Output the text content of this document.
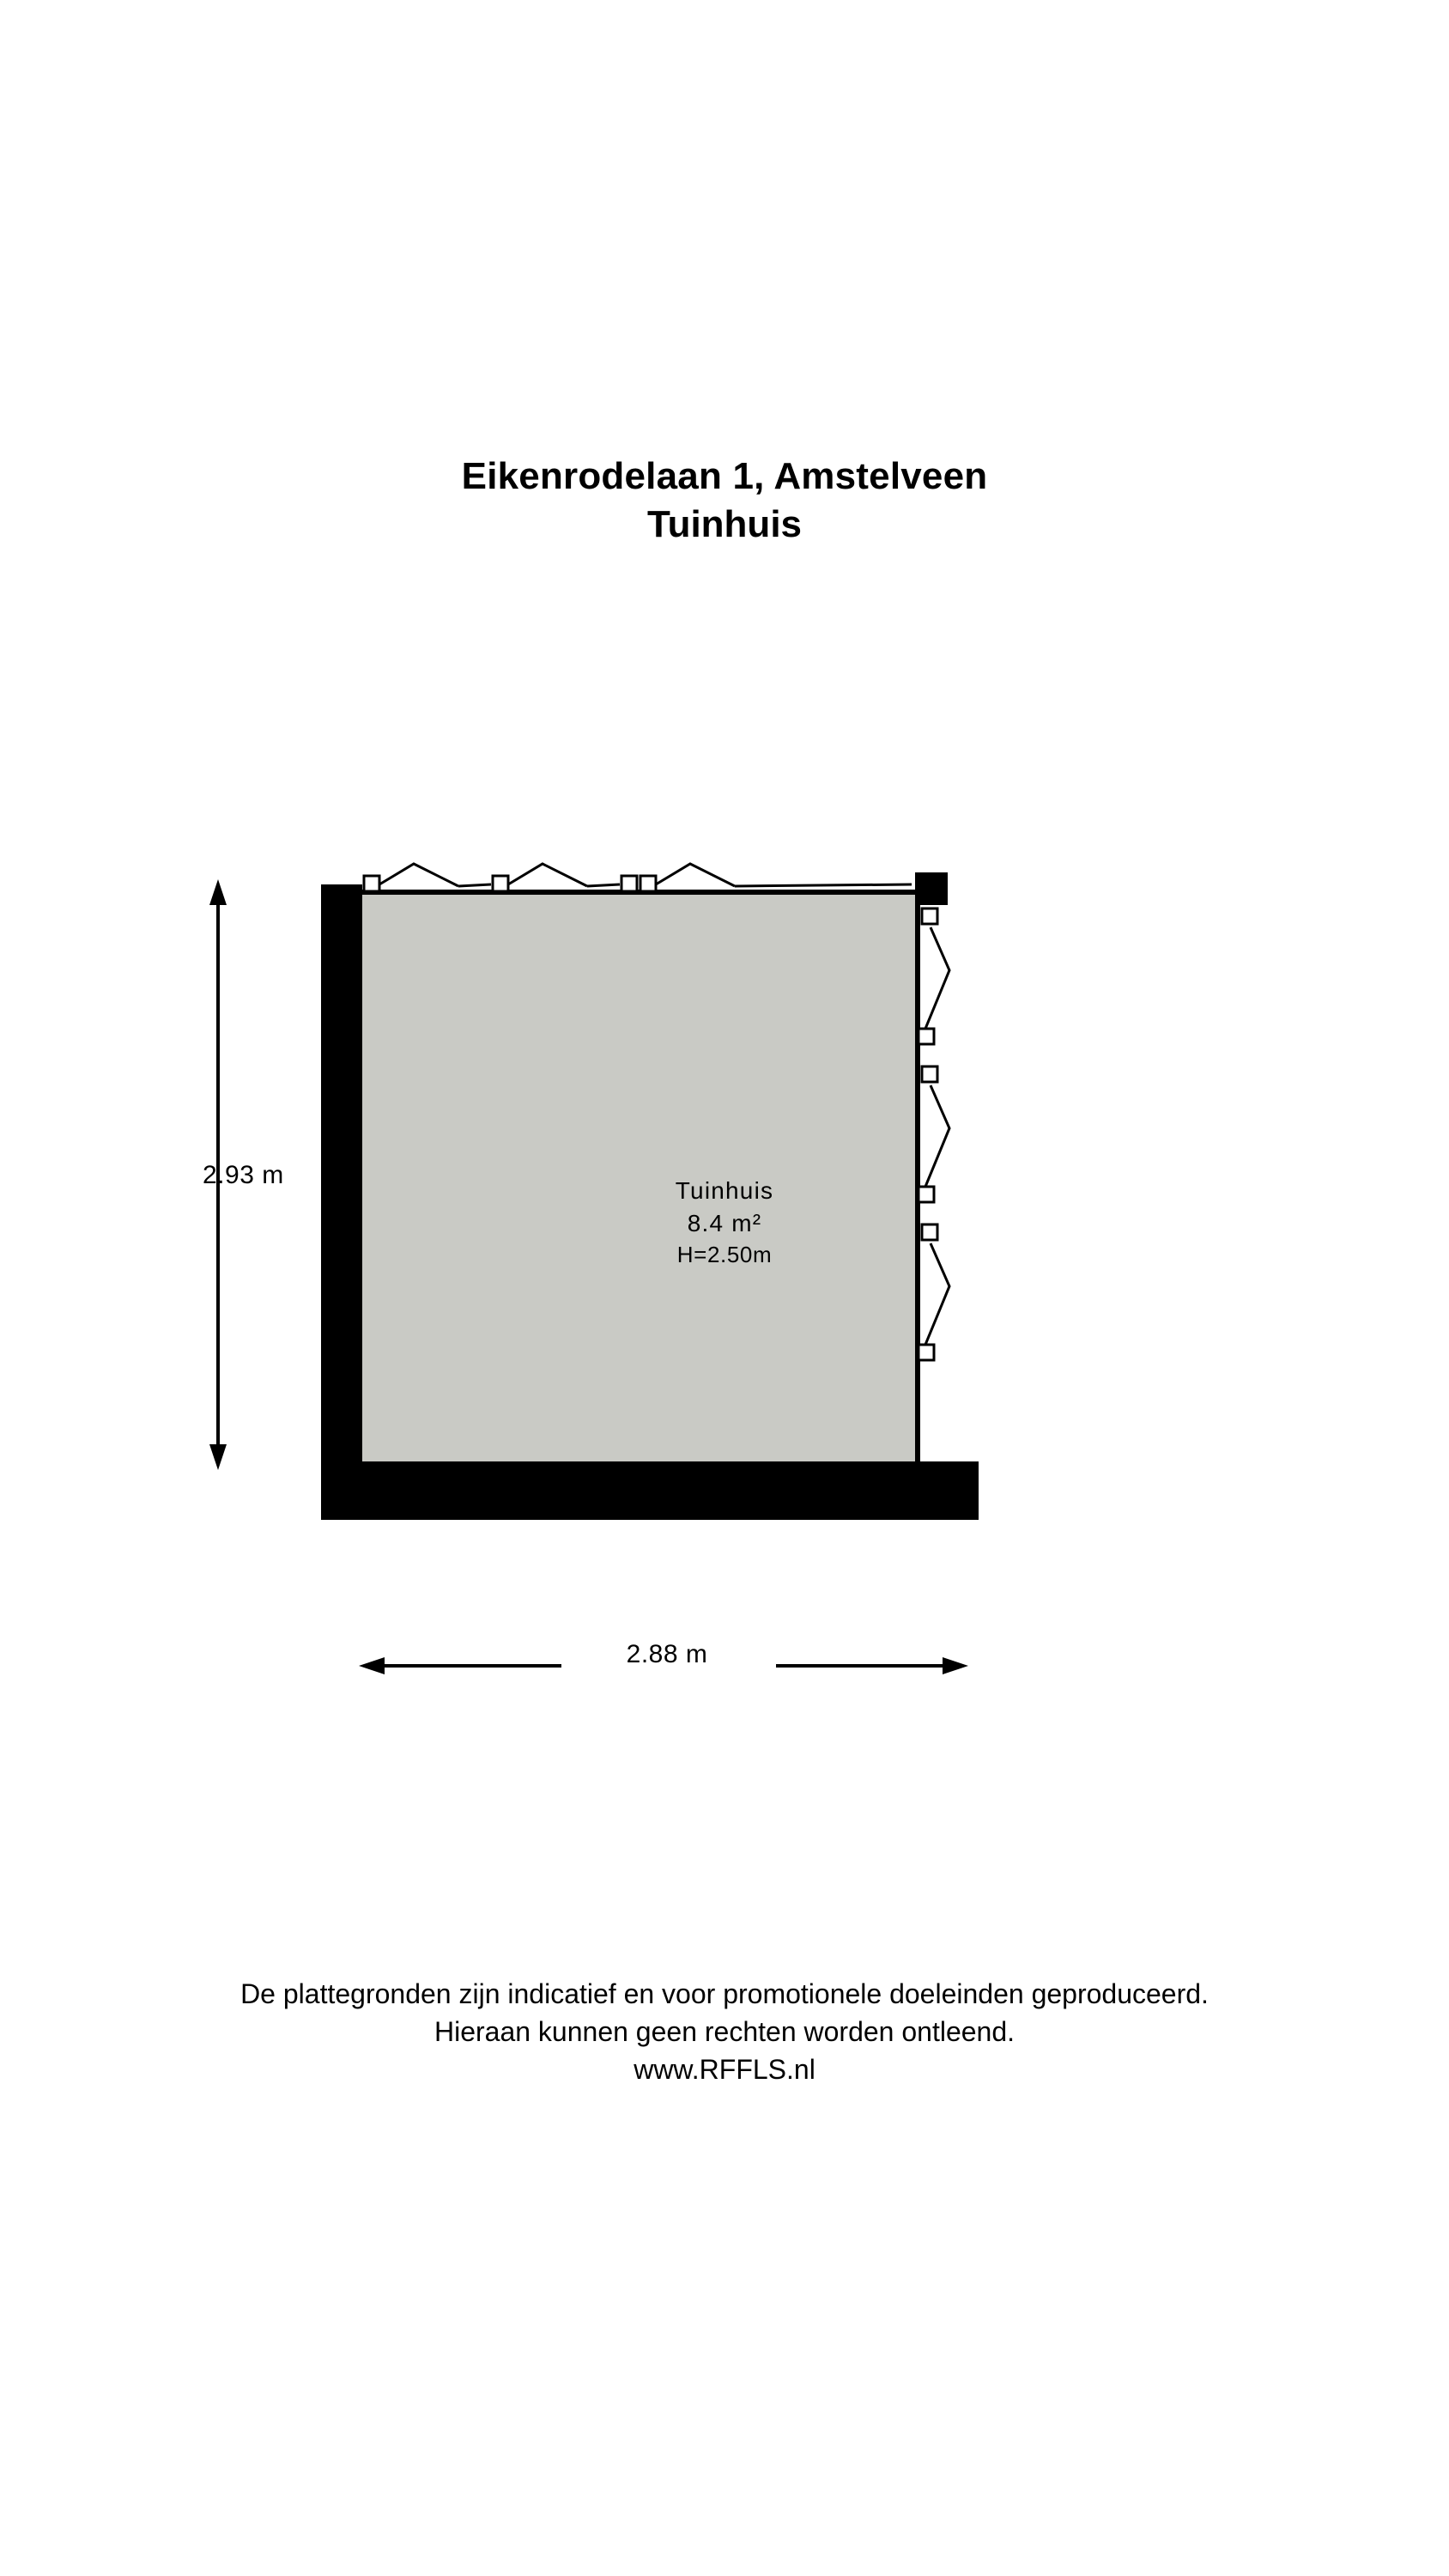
Eikenrodelaan 1, Amstelveen
Tuinhuis
Tuinhuis
8.4 m²
H=2.50m
2.93 m
2.88 m
De plattegronden zijn indicatief en voor promotionele doeleinden geproduceerd.
Hieraan kunnen geen rechten worden ontleend.
www.RFFLS.nl
